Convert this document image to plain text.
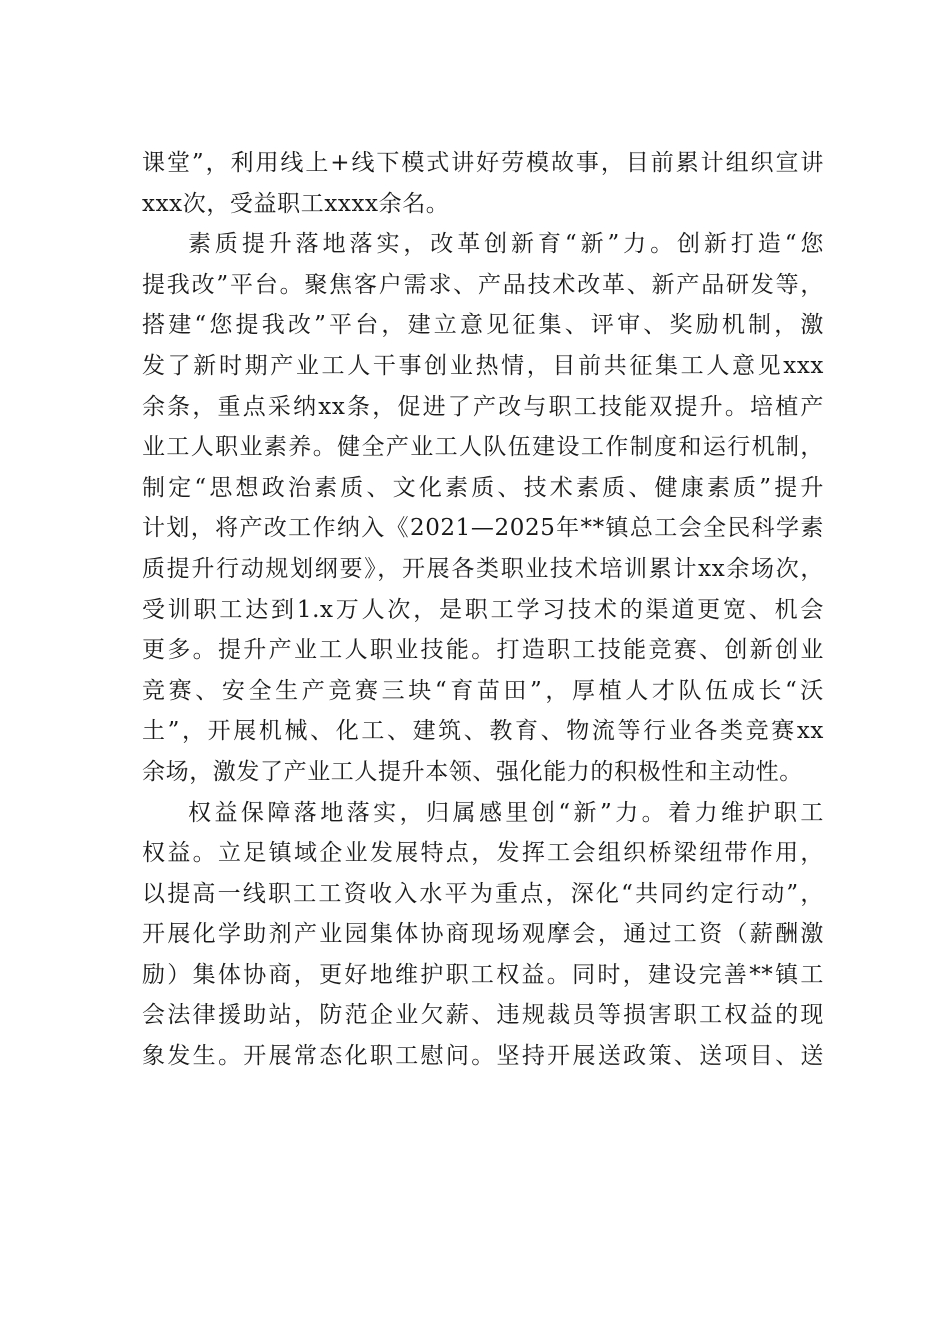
课堂”，利用线上+线下模式讲好劳模故事，目前累计组织宣讲
xxx次，受益职工xxxx余名。
素质提升落地落实，改革创新育“新”力。创新打造“您
提我改”平台。聚焦客户需求、产品技术改革、新产品研发等，
搭建“您提我改”平台，建立意见征集、评审、奖励机制，激
发了新时期产业工人干事创业热情，目前共征集工人意见xxx
余条，重点采纳xx条，促进了产改与职工技能双提升。培植产
业工人职业素养。健全产业工人队伍建设工作制度和运行机制，
制定“思想政治素质、文化素质、技术素质、健康素质”提升
计划，将产改工作纳入《2021—2025年**镇总工会全民科学素
质提升行动规划纲要》，开展各类职业技术培训累计xx余场次，
受训职工达到1.x万人次，是职工学习技术的渠道更宽、机会
更多。提升产业工人职业技能。打造职工技能竞赛、创新创业
竞赛、安全生产竞赛三块“育苗田”，厚植人才队伍成长“沃
土”，开展机械、化工、建筑、教育、物流等行业各类竞赛xx
余场，激发了产业工人提升本领、强化能力的积极性和主动性。
权益保障落地落实，归属感里创“新”力。着力维护职工
权益。立足镇域企业发展特点，发挥工会组织桥梁纽带作用，
以提高一线职工工资收入水平为重点，深化“共同约定行动”，
开展化学助剂产业园集体协商现场观摩会，通过工资（薪酬激
励）集体协商，更好地维护职工权益。同时，建设完善**镇工
会法律援助站，防范企业欠薪、违规裁员等损害职工权益的现
象发生。开展常态化职工慰问。坚持开展送政策、送项目、送
